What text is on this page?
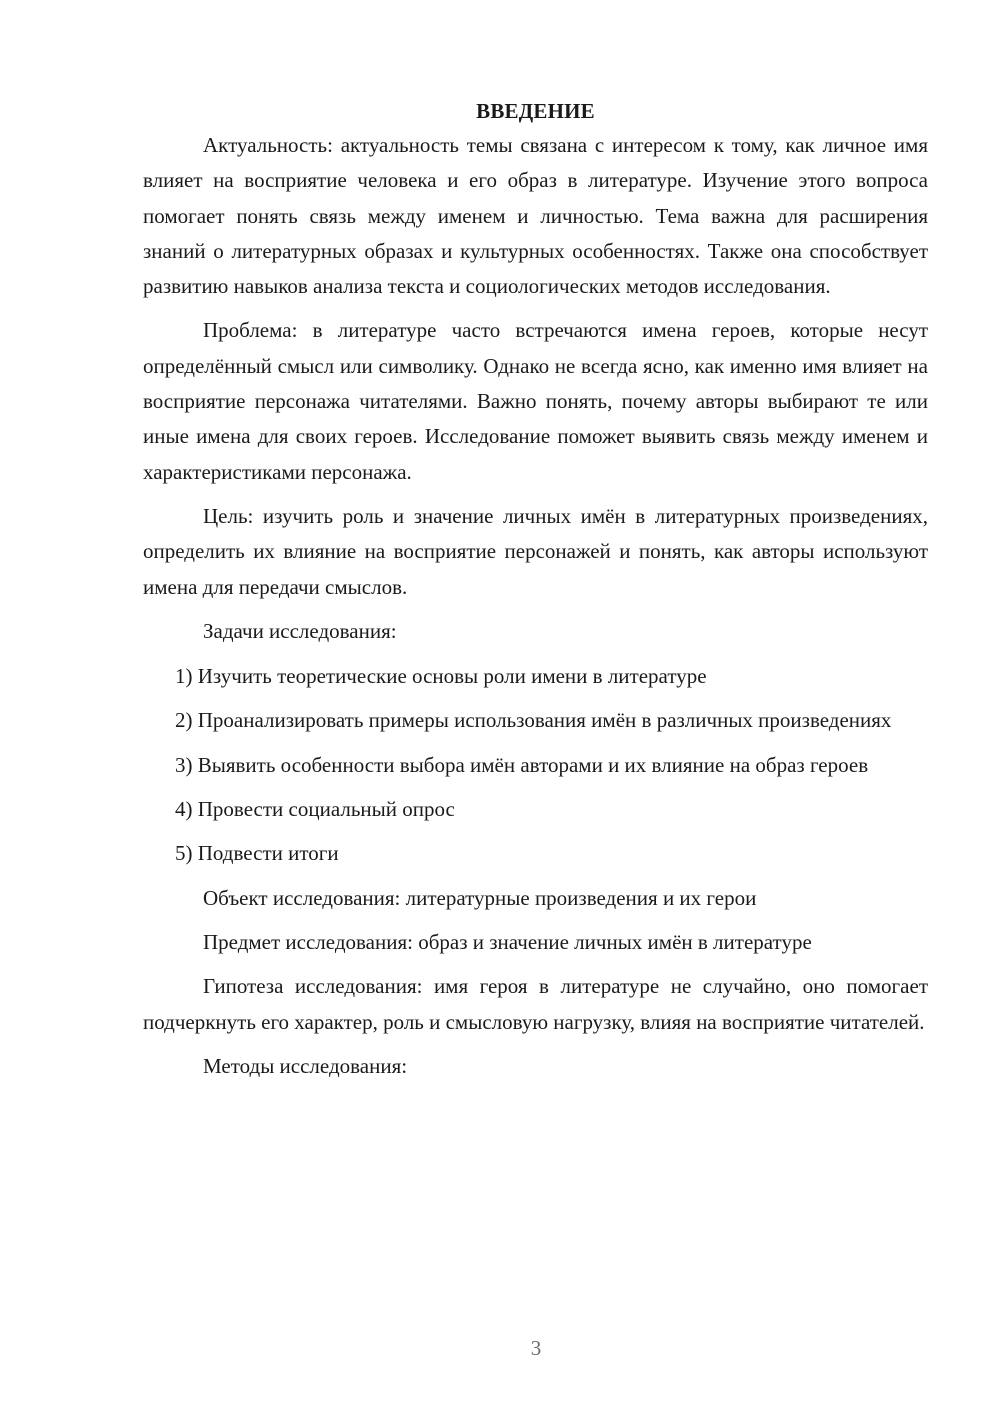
ВВЕДЕНИЕ

Актуальность: актуальность темы связана с интересом к тому, как личное имя влияет на восприятие человека и его образ в литературе. Изучение этого вопроса помогает понять связь между именем и личностью. Тема важна для расширения знаний о литературных образах и культурных особенностях. Также она способствует развитию навыков анализа текста и социологических методов исследования.

Проблема: в литературе часто встречаются имена героев, которые несут определённый смысл или символику. Однако не всегда ясно, как именно имя влияет на восприятие персонажа читателями. Важно понять, почему авторы выбирают те или иные имена для своих героев. Исследование поможет выявить связь между именем и характеристиками персонажа.

Цель: изучить роль и значение личных имён в литературных произведениях, определить их влияние на восприятие персонажей и понять, как авторы используют имена для передачи смыслов.

Задачи исследования:

1) Изучить теоретические основы роли имени в литературе

2) Проанализировать примеры использования имён в различных произведениях

3) Выявить особенности выбора имён авторами и их влияние на образ героев

4) Провести социальный опрос

5) Подвести итоги

Объект исследования: литературные произведения и их герои

Предмет исследования: образ и значение личных имён в литературе

Гипотеза исследования: имя героя в литературе не случайно, оно помогает подчеркнуть его характер, роль и смысловую нагрузку, влияя на восприятие читателей.

Методы исследования:

3
